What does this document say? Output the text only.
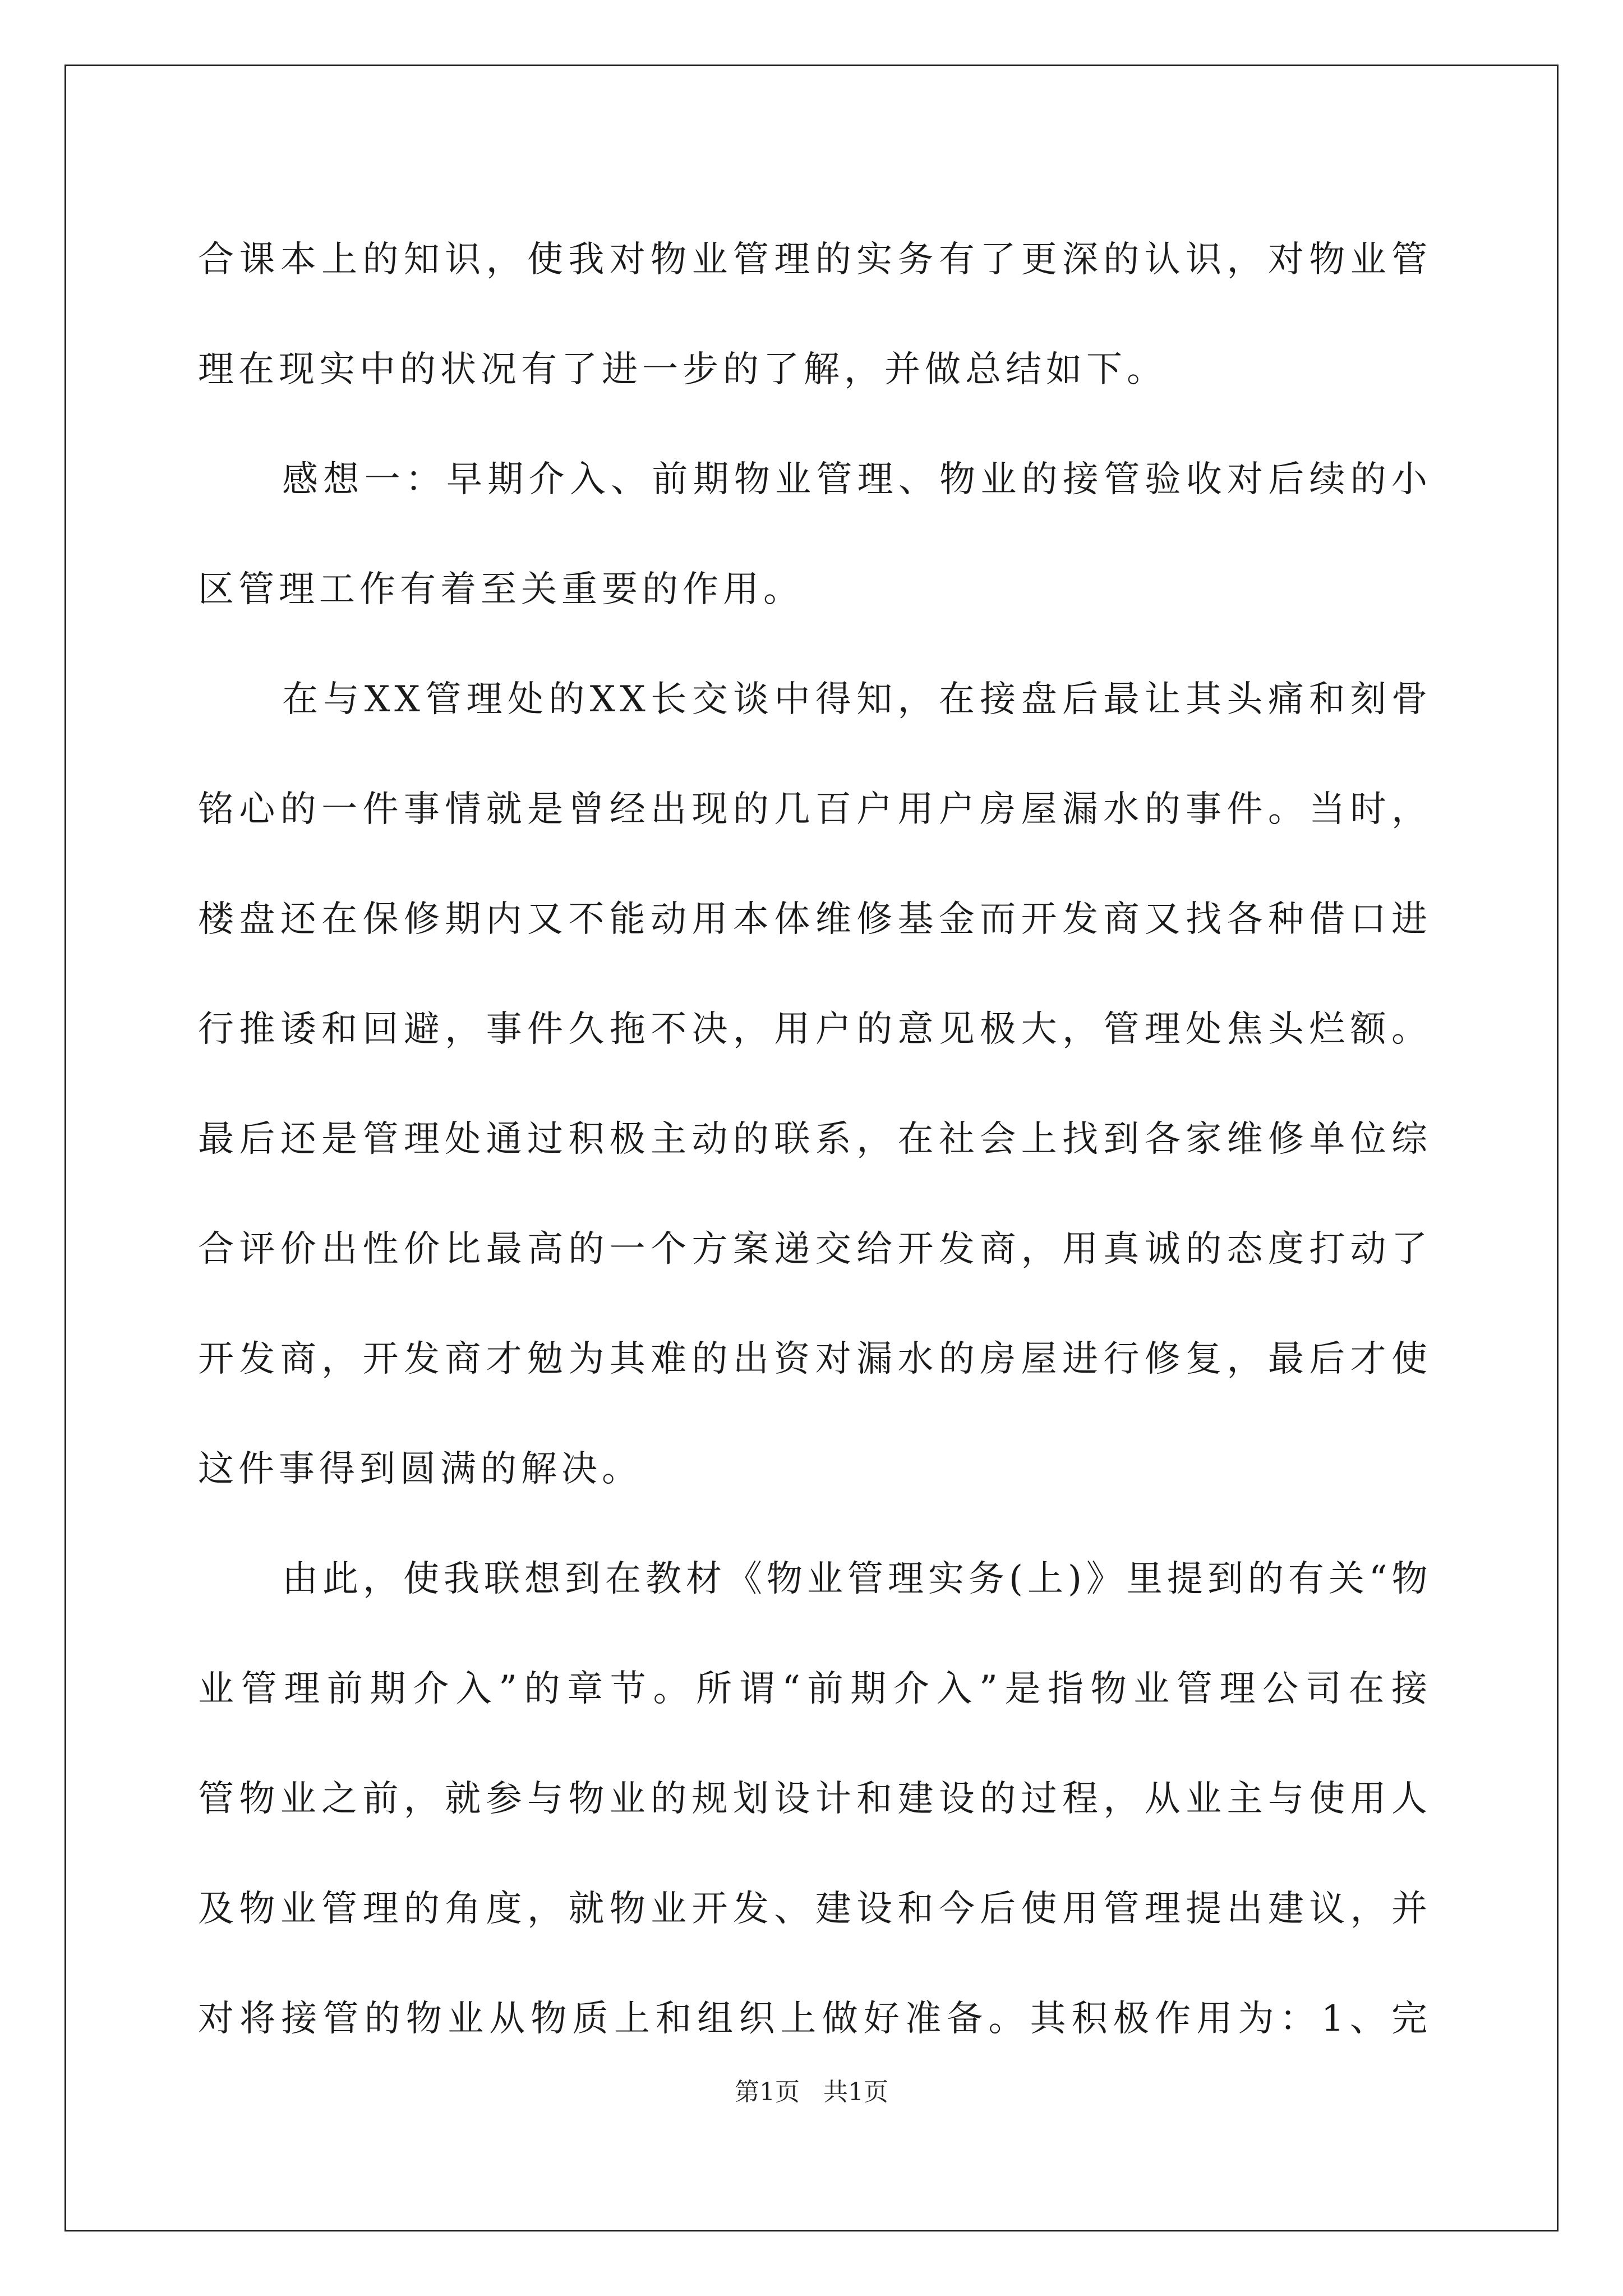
合课本上的知识，使我对物业管理的实务有了更深的认识，对物业管
理在现实中的状况有了进一步的了解，并做总结如下。
感想一：早期介入、前期物业管理、物业的接管验收对后续的小
区管理工作有着至关重要的作用。
在与XX管理处的XX长交谈中得知，在接盘后最让其头痛和刻骨
铭心的一件事情就是曾经出现的几百户用户房屋漏水的事件。当时，
楼盘还在保修期内又不能动用本体维修基金而开发商又找各种借口进
行推诿和回避，事件久拖不决，用户的意见极大，管理处焦头烂额。
最后还是管理处通过积极主动的联系，在社会上找到各家维修单位综
合评价出性价比最高的一个方案递交给开发商，用真诚的态度打动了
开发商，开发商才勉为其难的出资对漏水的房屋进行修复，最后才使
这件事得到圆满的解决。
由此，使我联想到在教材《物业管理实务(上)》里提到的有关“物
业管理前期介入”的章节。所谓“前期介入”是指物业管理公司在接
管物业之前，就参与物业的规划设计和建设的过程，从业主与使用人
及物业管理的角度，就物业开发、建设和今后使用管理提出建议，并
对将接管的物业从物质上和组织上做好准备。其积极作用为：1、完
第1页   共1页
